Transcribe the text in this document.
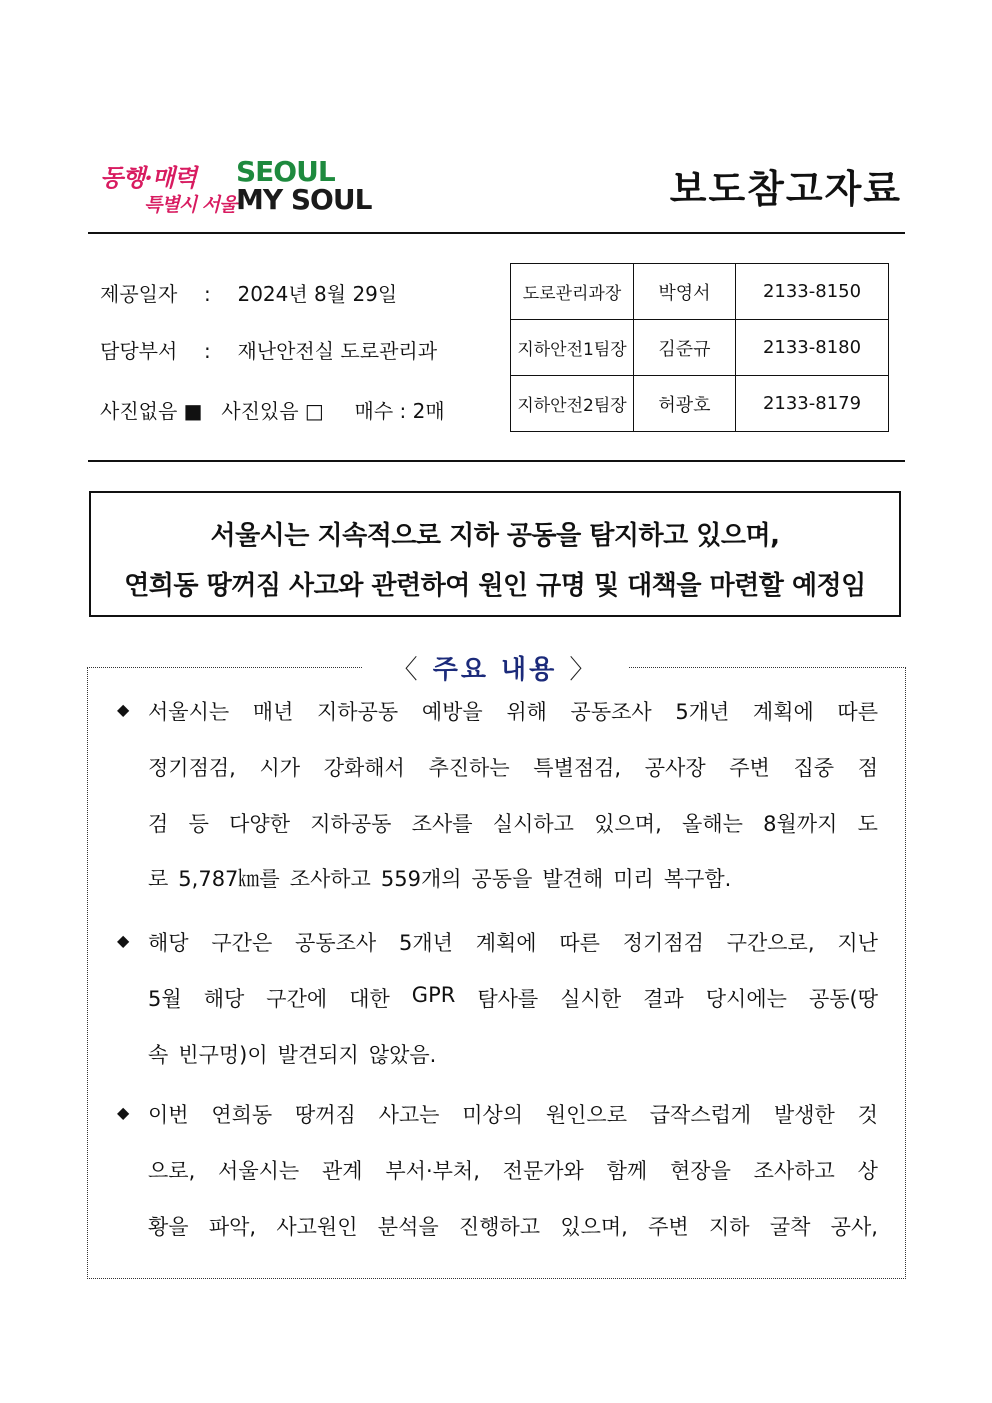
동행·매력
특별시 서울
SEOUL
MY SOUL	보도참고자료
제공일자 : 2024년 8월 29일
담당부서 : 재난안전실 도로관리과
사진없음 ■ 사진있음 □ 매수 : 2매
도로관리과장	박영서	2133-8150
지하안전1팀장	김준규	2133-8180
지하안전2팀장	허광호	2133-8179
서울시는 지속적으로 지하 공동을 탐지하고 있으며,
연희동 땅꺼짐 사고와 관련하여 원인 규명 및 대책을 마련할 예정임
〈 주요 내용 〉
◆ 서울시는 매년 지하공동 예방을 위해 공동조사 5개년 계획에 따른
정기점검, 시가 강화해서 추진하는 특별점검, 공사장 주변 집중 점
검 등 다양한 지하공동 조사를 실시하고 있으며, 올해는 8월까지 도
로 5,787㎞를 조사하고 559개의 공동을 발견해 미리 복구함.
◆ 해당 구간은 공동조사 5개년 계획에 따른 정기점검 구간으로, 지난
5월 해당 구간에 대한 GPR 탐사를 실시한 결과 당시에는 공동(땅
속 빈구멍)이 발견되지 않았음.
◆ 이번 연희동 땅꺼짐 사고는 미상의 원인으로 급작스럽게 발생한 것
으로, 서울시는 관계 부서·부처, 전문가와 함께 현장을 조사하고 상
황을 파악, 사고원인 분석을 진행하고 있으며, 주변 지하 굴착 공사,
